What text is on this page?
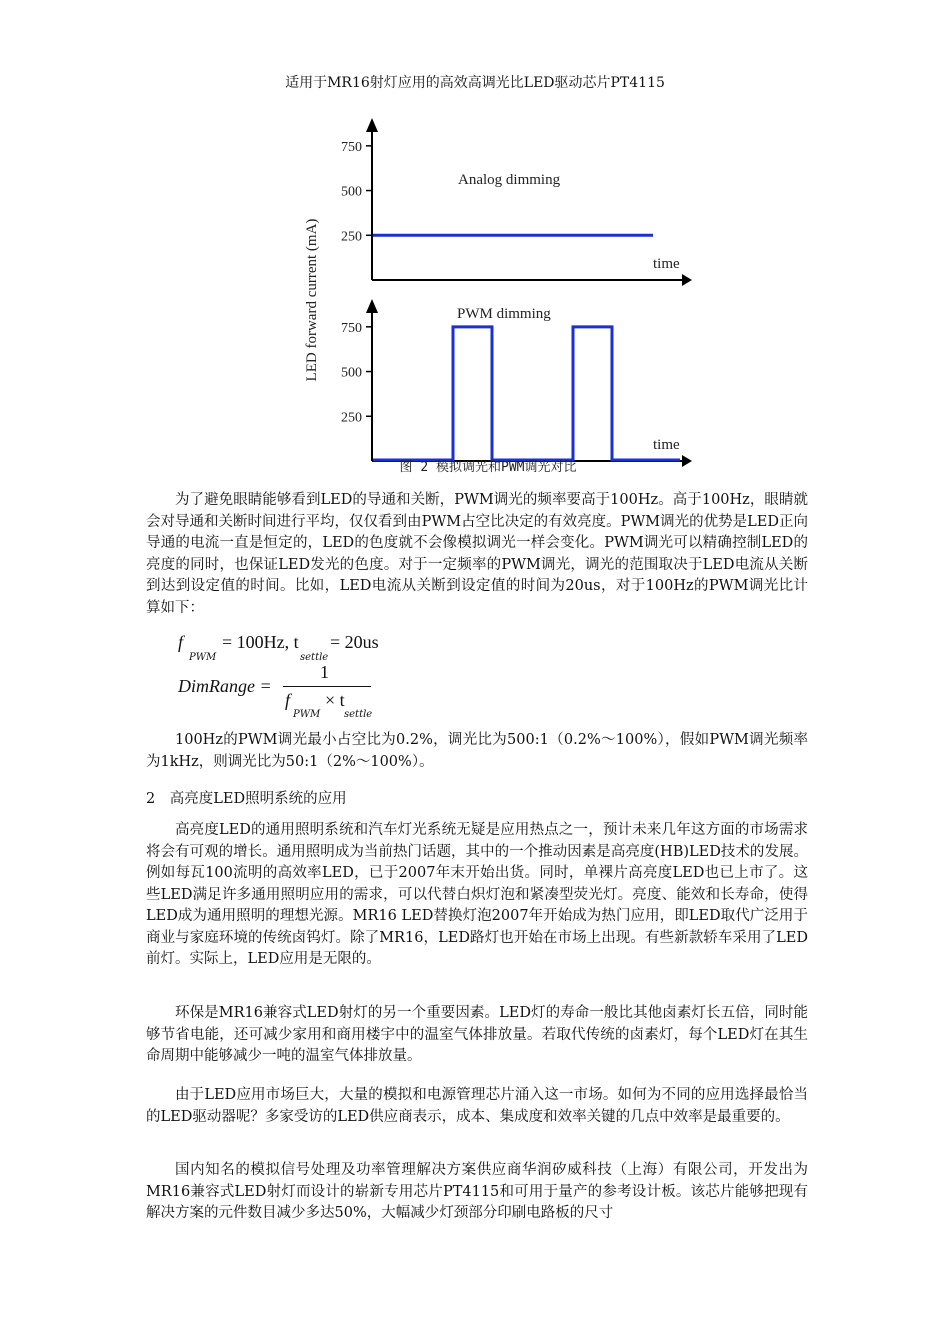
适用于MR16射灯应用的高效高调光比LED驱动芯片PT4115
LED forward current (mA)
Analog dimming
time
250
500
750
PWM dimming
time
250
500
750
图 2 模拟调光和PWM调光对比

为了避免眼睛能够看到LED的导通和关断，PWM调光的频率要高于100Hz。高于100Hz，眼睛就会对导通和关断时间进行平均，仅仅看到由PWM占空比决定的有效亮度。PWM调光的优势是LED正向导通的电流一直是恒定的，LED的色度就不会像模拟调光一样会变化。PWM调光可以精确控制LED的亮度的同时，也保证LED发光的色度。对于一定频率的PWM调光，调光的范围取决于LED电流从关断到达到设定值的时间。比如，LED电流从关断到设定值的时间为20us，对于100Hz的PWM调光比计算如下：

f
PWM
= 100Hz, t
settle
= 20us
DimRange =
1
f
PWM
× t
settle

100Hz的PWM调光最小占空比为0.2%，调光比为500:1（0.2%～100%），假如PWM调光频率为1kHz，则调光比为50:1（2%～100%）。

2　高亮度LED照明系统的应用

高亮度LED的通用照明系统和汽车灯光系统无疑是应用热点之一，预计未来几年这方面的市场需求将会有可观的增长。通用照明成为当前热门话题，其中的一个推动因素是高亮度(HB)LED技术的发展。例如每瓦100流明的高效率LED，已于2007年末开始出货。同时，单裸片高亮度LED也已上市了。这些LED满足许多通用照明应用的需求，可以代替白炽灯泡和紧凑型荧光灯。亮度、能效和长寿命，使得LED成为通用照明的理想光源。MR16 LED替换灯泡2007年开始成为热门应用，即LED取代广泛用于商业与家庭环境的传统卤钨灯。除了MR16，LED路灯也开始在市场上出现。有些新款轿车采用了LED前灯。实际上，LED应用是无限的。

环保是MR16兼容式LED射灯的另一个重要因素。LED灯的寿命一般比其他卤素灯长五倍，同时能够节省电能，还可减少家用和商用楼宇中的温室气体排放量。若取代传统的卤素灯，每个LED灯在其生命周期中能够减少一吨的温室气体排放量。

由于LED应用市场巨大，大量的模拟和电源管理芯片涌入这一市场。如何为不同的应用选择最恰当的LED驱动器呢？多家受访的LED供应商表示，成本、集成度和效率关键的几点中效率是最重要的。

国内知名的模拟信号处理及功率管理解决方案供应商华润矽威科技（上海）有限公司，开发出为MR16兼容式LED射灯而设计的崭新专用芯片PT4115和可用于量产的参考设计板。该芯片能够把现有解决方案的元件数目减少多达50%，大幅减少灯颈部分印刷电路板的尺寸
